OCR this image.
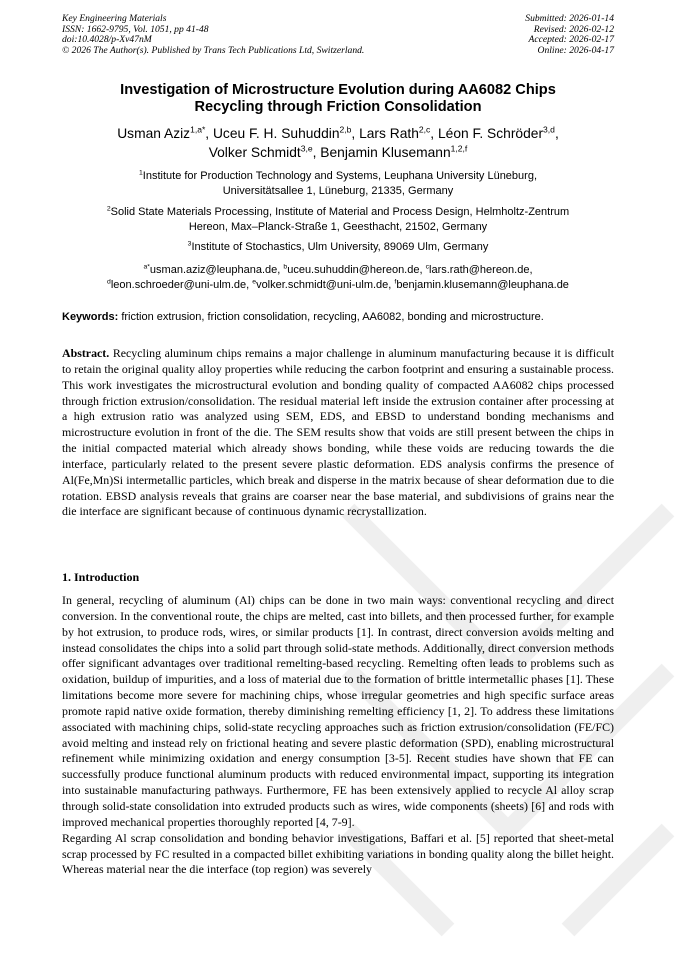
Key Engineering Materials
ISSN: 1662-9795, Vol. 1051, pp 41-48
doi:10.4028/p-Xv47nM
© 2026 The Author(s). Published by Trans Tech Publications Ltd, Switzerland.
Submitted: 2026-01-14
Revised: 2026-02-12
Accepted: 2026-02-17
Online: 2026-04-17
Investigation of Microstructure Evolution during AA6082 Chips
Recycling through Friction Consolidation
Usman Aziz$^{1,a*}$, Uceu F. H. Suhuddin$^{2,b}$, Lars Rath$^{2,c}$, Léon F. Schröder$^{3,d}$,
Volker Schmidt$^{3,e}$, Benjamin Klusemann$^{1,2,f}$
$^1$Institute for Production Technology and Systems, Leuphana University Lüneburg,
Universitätsallee 1, Lüneburg, 21335, Germany
$^2$Solid State Materials Processing, Institute of Material and Process Design, Helmholtz-Zentrum
Hereon, Max–Planck-Straße 1, Geesthacht, 21502, Germany
$^3$Institute of Stochastics, Ulm University, 89069 Ulm, Germany
$^{a*}$usman.aziz@leuphana.de, $^b$uceu.suhuddin@hereon.de, $^c$lars.rath@hereon.de,
$^d$leon.schroeder@uni-ulm.de, $^e$volker.schmidt@uni-ulm.de, $^f$benjamin.klusemann@leuphana.de
Keywords: friction extrusion, friction consolidation, recycling, AA6082, bonding and microstructure.

Abstract. Recycling aluminum chips remains a major challenge in aluminum manufacturing because it is difficult to retain the original quality alloy properties while reducing the carbon footprint and ensuring a sustainable process. This work investigates the microstructural evolution and bonding quality of compacted AA6082 chips processed through friction extrusion/consolidation. The residual material left inside the extrusion container after processing at a high extrusion ratio was analyzed using SEM, EDS, and EBSD to understand bonding mechanisms and microstructure evolution in front of the die. The SEM results show that voids are still present between the chips in the initial compacted material which already shows bonding, while these voids are reducing towards the die interface, particularly related to the present severe plastic deformation. EDS analysis confirms the presence of Al(Fe,Mn)Si intermetallic particles, which break and disperse in the matrix because of shear deformation due to die rotation. EBSD analysis reveals that grains are coarser near the base material, and subdivisions of grains near the die interface are significant because of continuous dynamic recrystallization.

1. Introduction

In general, recycling of aluminum (Al) chips can be done in two main ways: conventional recycling and direct conversion. In the conventional route, the chips are melted, cast into billets, and then processed further, for example by hot extrusion, to produce rods, wires, or similar products [1]. In contrast, direct conversion avoids melting and instead consolidates the chips into a solid part through solid-state methods. Additionally, direct conversion methods offer significant advantages over traditional remelting-based recycling. Remelting often leads to problems such as oxidation, buildup of impurities, and a loss of material due to the formation of brittle intermetallic phases [1]. These limitations become more severe for machining chips, whose irregular geometries and high specific surface areas promote rapid native oxide formation, thereby diminishing remelting efficiency [1, 2]. To address these limitations associated with machining chips, solid-state recycling approaches such as friction extrusion/consolidation (FE/FC) avoid melting and instead rely on frictional heating and severe plastic deformation (SPD), enabling microstructural refinement while minimizing oxidation and energy consumption [3-5]. Recent studies have shown that FE can successfully produce functional aluminum products with reduced environmental impact, supporting its integration into sustainable manufacturing pathways. Furthermore, FE has been extensively applied to recycle Al alloy scrap through solid-state consolidation into extruded products such as wires, wide components (sheets) [6] and rods with improved mechanical properties thoroughly reported [4, 7-9].

Regarding Al scrap consolidation and bonding behavior investigations, Baffari et al. [5] reported that sheet-metal scrap processed by FC resulted in a compacted billet exhibiting variations in bonding quality along the billet height. Whereas material near the die interface (top region) was severely
